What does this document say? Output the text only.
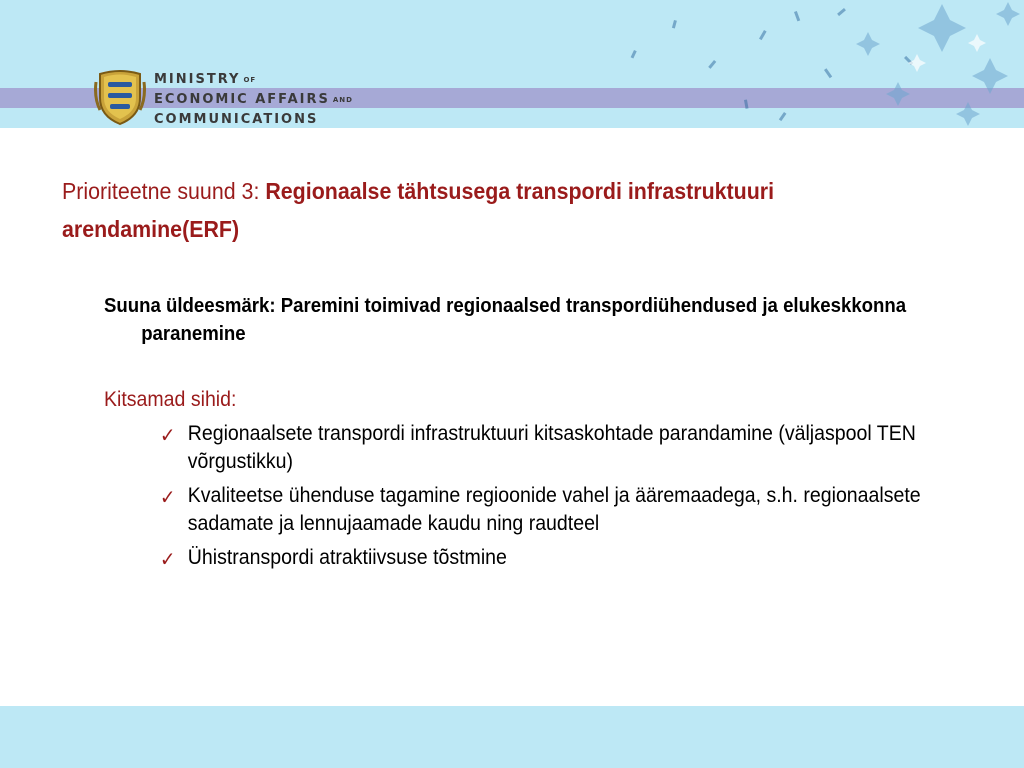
MINISTRY $^{OF}$
ECONOMIC AFFAIRS $^{AND}$
COMMUNICATIONS
Prioriteetne suund 3: Regionaalse tähtsusega transpordi infrastruktuuri arendamine(ERF)
Suuna üldeesmärk: Paremini toimivad regionaalsed transpordiühendused ja elukeskkonna paranemine
Kitsamad sihid:
✓ Regionaalsete transpordi infrastruktuuri kitsaskohtade parandamine (väljaspool TEN võrgustikku)
✓ Kvaliteetse ühenduse tagamine regioonide vahel ja ääremaadega, s.h. regionaalsete sadamate ja lennujaamade kaudu ning raudteel
✓ Ühistranspordi atraktiivsuse tõstmine
